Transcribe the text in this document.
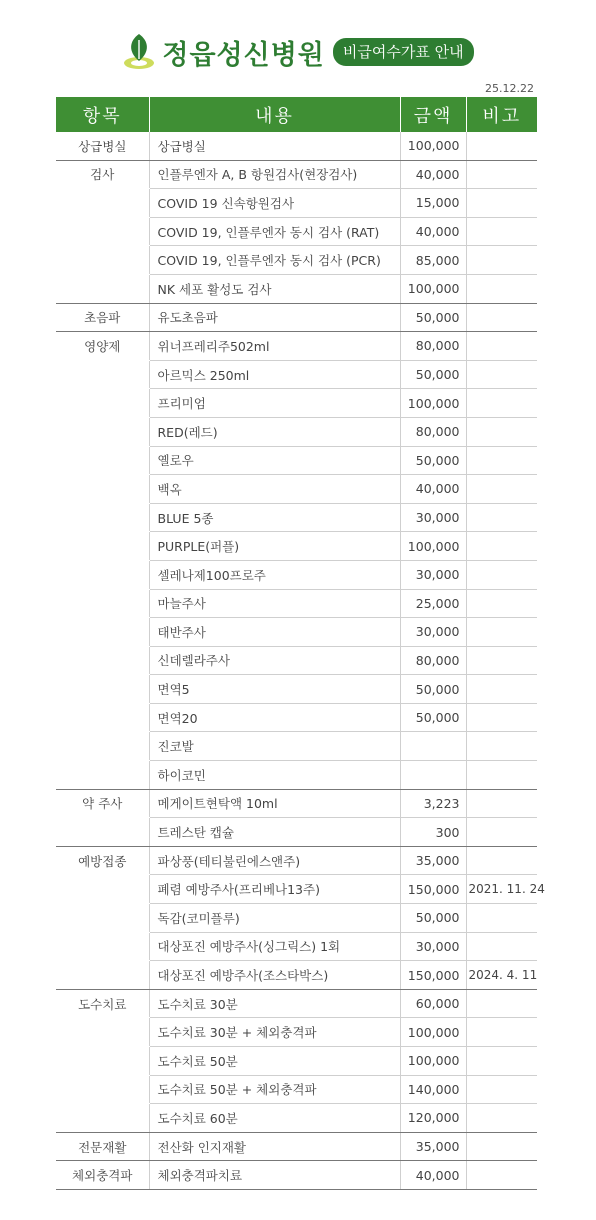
정읍성신병원	비급여수가표 안내
25.12.22
항목	내용	금액	비고
상급병실	상급병실	100,000	
검사	인플루엔자 A, B 항원검사(현장검사)	40,000	
	COVID 19 신속항원검사	15,000	
	COVID 19, 인플루엔자 동시 검사 (RAT)	40,000	
	COVID 19, 인플루엔자 동시 검사 (PCR)	85,000	
	NK 세포 활성도 검사	100,000	
초음파	유도초음파	50,000	
영양제	위너프레리주502ml	80,000	
	아르믹스 250ml	50,000	
	프리미엄	100,000	
	RED(레드)	80,000	
	옐로우	50,000	
	백옥	40,000	
	BLUE 5종	30,000	
	PURPLE(퍼플)	100,000	
	셀레나제100프로주	30,000	
	마늘주사	25,000	
	태반주사	30,000	
	신데렐라주사	80,000	
	면역5	50,000	
	면역20	50,000	
	진코발		
	하이코민		
약 주사	메게이트현탁액 10ml	3,223	
	트레스탄 캡슐	300	
예방접종	파상풍(테티불린에스앤주)	35,000	
	폐렴 예방주사(프리베나13주)	150,000	2021. 11. 24
	독감(코미플루)	50,000	
	대상포진 예방주사(싱그릭스) 1회	30,000	
	대상포진 예방주사(조스타박스)	150,000	2024. 4. 11
도수치료	도수치료 30분	60,000	
	도수치료 30분 + 체외충격파	100,000	
	도수치료 50분	100,000	
	도수치료 50분 + 체외충격파	140,000	
	도수치료 60분	120,000	
전문재활	전산화 인지재활	35,000	
체외충격파	체외충격파치료	40,000	
